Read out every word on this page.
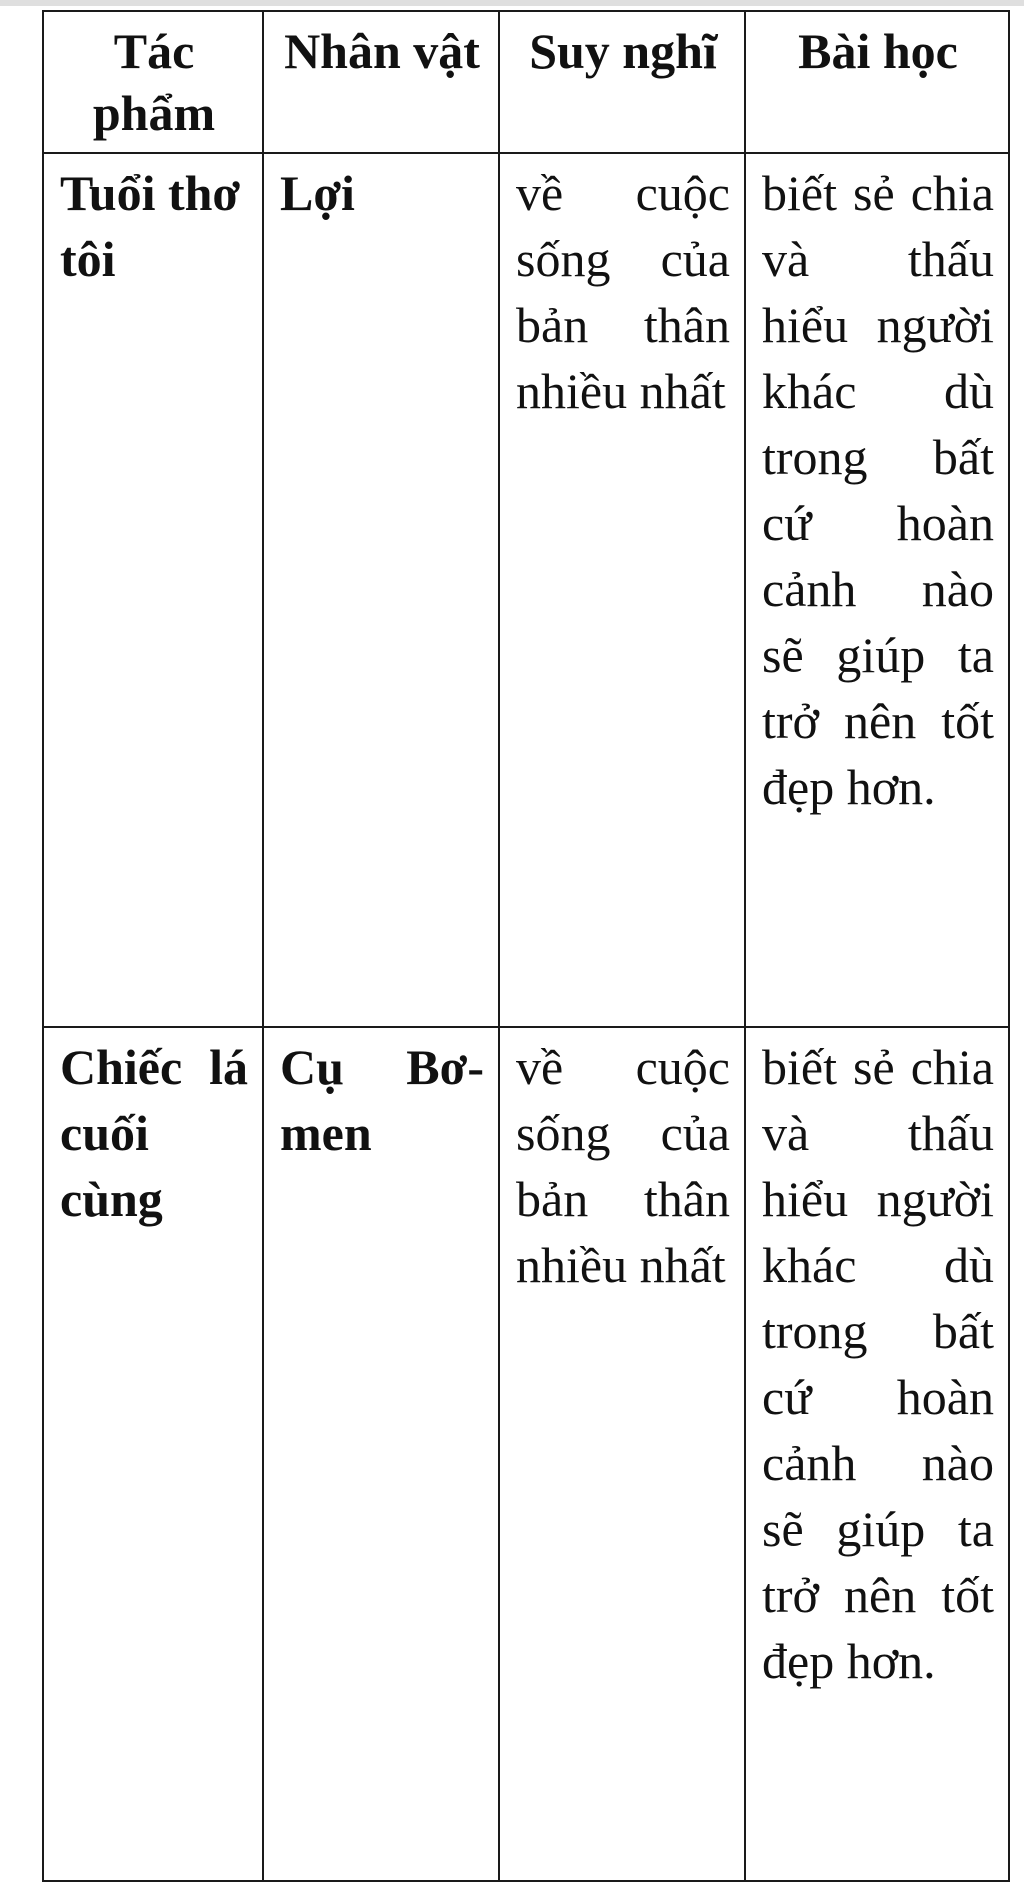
Tác phẩm	Nhân vật	Suy nghĩ	Bài học
Tuổi thơ tôi	Lợi	về cuộc sống của bản thân nhiều nhất	biết sẻ chia và thấu hiểu người khác dù trong bất cứ hoàn cảnh nào sẽ giúp ta trở nên tốt đẹp hơn.
Chiếc lá cuối cùng	Cụ Bơ-men	về cuộc sống của bản thân nhiều nhất	biết sẻ chia và thấu hiểu người khác dù trong bất cứ hoàn cảnh nào sẽ giúp ta trở nên tốt đẹp hơn.
